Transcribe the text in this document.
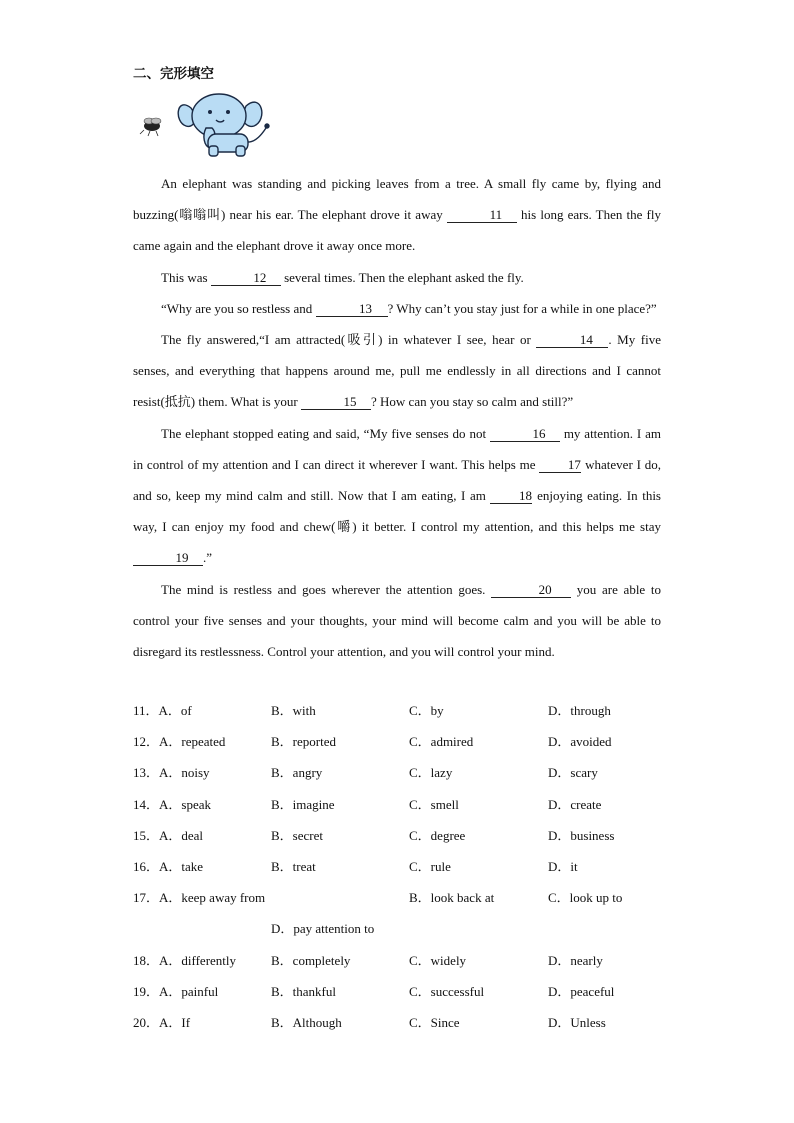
二、完形填空

An elephant was standing and picking leaves from a tree. A small fly came by, flying and buzzing(嗡嗡叫) near his ear. The elephant drove it away	11 his long ears. Then the fly came again and the elephant drove it away once more.

This was	12 several times. Then the elephant asked the fly.

“Why are you so restless and	13 ? Why can’t you stay just for a while in one place?”

The fly answered,“I am attracted(吸引) in whatever I see, hear or	14 . My five senses, and everything that happens around me, pull me endlessly in all directions and I cannot resist(抵抗) them. What is your	15 ? How can you stay so calm and still?”

The elephant stopped eating and said, “My five senses do not	16 my attention. I am in control of my attention and I can direct it wherever I want. This helps me 17 whatever I do, and so, keep my mind calm and still. Now that I am eating, I am 18 enjoying eating. In this way, I can enjoy my food and chew(嚼) it better. I control my attention, and this helps me stay 19 .”

The mind is restless and goes wherever the attention goes.	20 you are able to control your five senses and your thoughts, your mind will become calm and you will be able to disregard its restlessness. Control your attention, and you will control your mind.

11．A．of	B．with	C．by	D．through
12．A．repeated	B．reported	C．admired	D．avoided
13．A．noisy	B．angry	C．lazy	D．scary
14．A．speak	B．imagine	C．smell	D．create
15．A．deal	B．secret	C．degree	D．business
16．A．take	B．treat	C．rule	D．it
17．A．keep away from	B．look back at	C．look up to
D．pay attention to
18．A．differently	B．completely	C．widely	D．nearly
19．A．painful	B．thankful	C．successful	D．peaceful
20．A．If	B．Although	C．Since	D．Unless
